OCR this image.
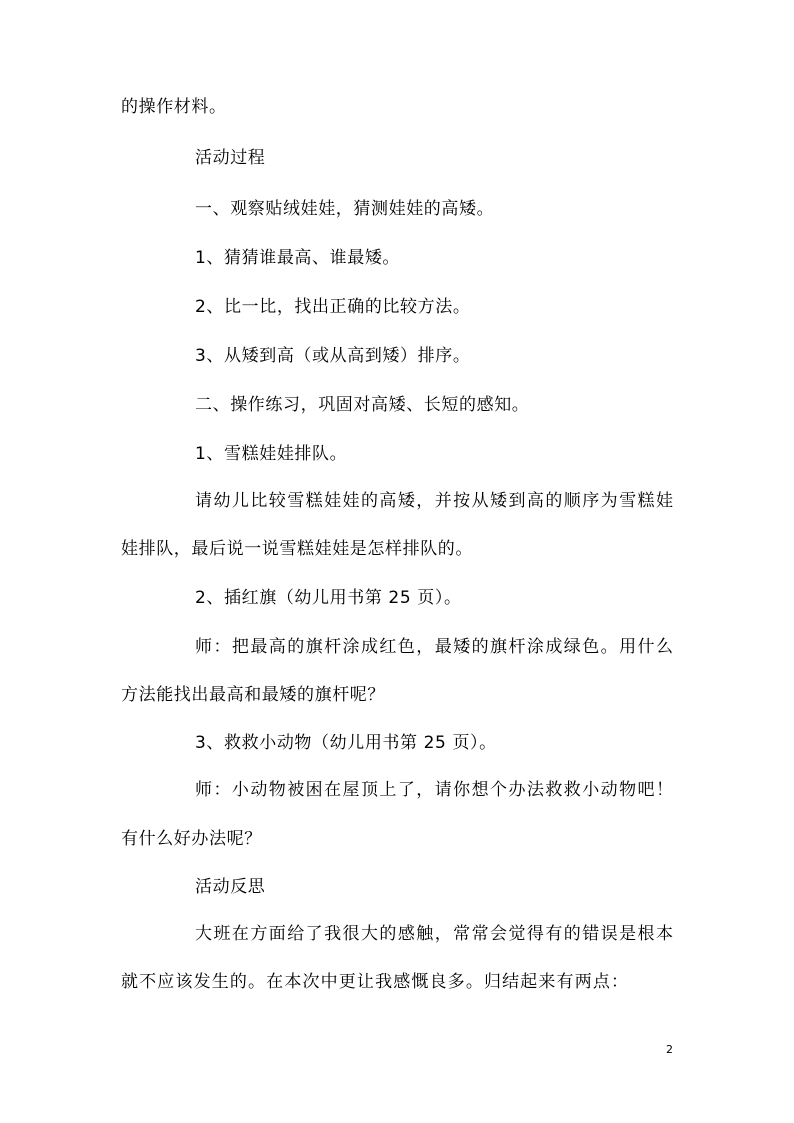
的操作材料。
活动过程
一、观察贴绒娃娃，猜测娃娃的高矮。
1、猜猜谁最高、谁最矮。
2、比一比，找出正确的比较方法。
3、从矮到高（或从高到矮）排序。
二、操作练习，巩固对高矮、长短的感知。
1、雪糕娃娃排队。
请幼儿比较雪糕娃娃的高矮，并按从矮到高的顺序为雪糕娃
娃排队，最后说一说雪糕娃娃是怎样排队的。
2、插红旗（幼儿用书第 25 页）。
师：把最高的旗杆涂成红色，最矮的旗杆涂成绿色。用什么
方法能找出最高和最矮的旗杆呢？
3、救救小动物（幼儿用书第 25 页）。
师：小动物被困在屋顶上了，请你想个办法救救小动物吧！
有什么好办法呢？
活动反思
大班在方面给了我很大的感触，常常会觉得有的错误是根本
就不应该发生的。在本次中更让我感慨良多。归结起来有两点：
2
